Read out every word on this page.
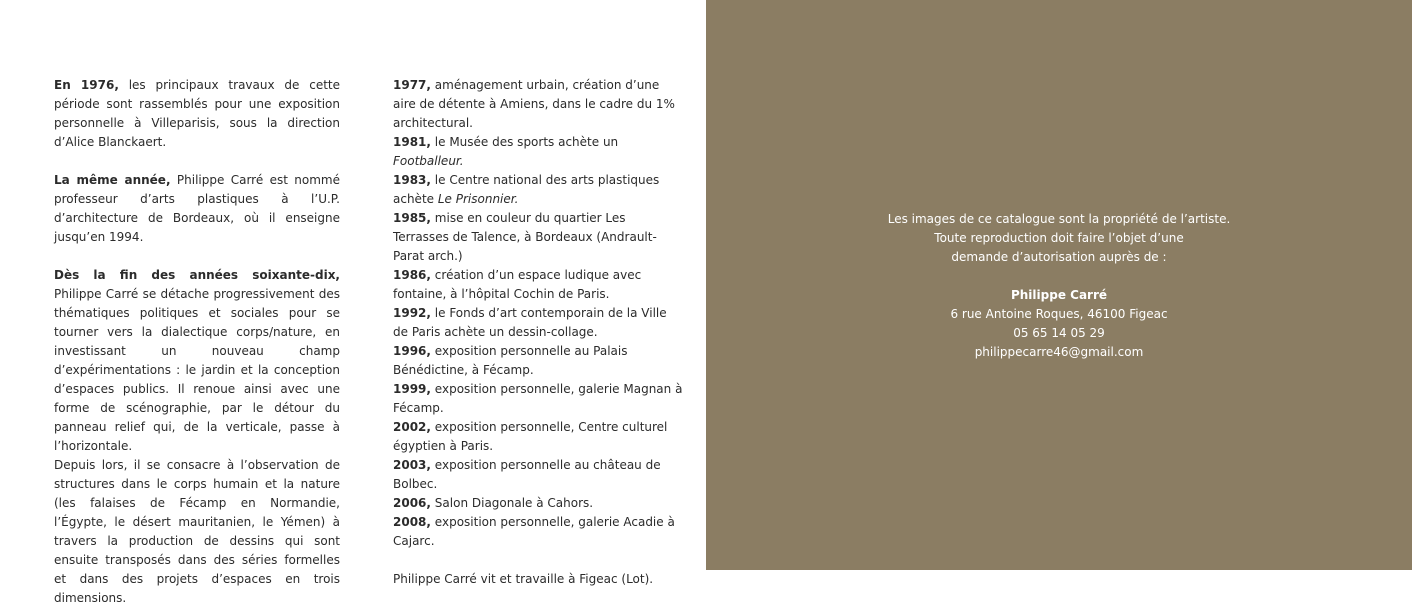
En 1976, les principaux travaux de cette période sont rassemblés pour une exposition personnelle à Villeparisis, sous la direction d’Alice Blanckaert.

La même année, Philippe Carré est nommé professeur d’arts plastiques à l’U.P. d’architecture de Bordeaux, où il enseigne jusqu’en 1994.

Dès la fin des années soixante-dix, Philippe Carré se détache progressivement des thématiques politiques et sociales pour se tourner vers la dialectique corps/nature, en investissant un nouveau champ d’expérimentations : le jardin et la conception d’espaces publics. Il renoue ainsi avec une forme de scénographie, par le détour du panneau relief qui, de la verticale, passe à l’horizontale.

Depuis lors, il se consacre à l’observation de structures dans le corps humain et la nature (les falaises de Fécamp en Normandie, l’Égypte, le désert mauritanien, le Yémen) à travers la production de dessins qui sont ensuite transposés dans des séries formelles et dans des projets d’espaces en trois dimensions.

1977, aménagement urbain, création d’une aire de détente à Amiens, dans le cadre du 1% architectural.
1981, le Musée des sports achète un Footballeur.
1983, le Centre national des arts plastiques achète Le Prisonnier.
1985, mise en couleur du quartier Les Terrasses de Talence, à Bordeaux (Andrault-Parat arch.)
1986, création d’un espace ludique avec fontaine, à l’hôpital Cochin de Paris.
1992, le Fonds d’art contemporain de la Ville de Paris achète un dessin-collage.
1996, exposition personnelle au Palais Bénédictine, à Fécamp.
1999, exposition personnelle, galerie Magnan à Fécamp.
2002, exposition personnelle, Centre culturel égyptien à Paris.
2003, exposition personnelle au château de Bolbec.
2006, Salon Diagonale à Cahors.
2008, exposition personnelle, galerie Acadie à Cajarc.
Philippe Carré vit et travaille à Figeac (Lot).
Les images de ce catalogue sont la propriété de l’artiste.
Toute reproduction doit faire l’objet d’une
demande d’autorisation auprès de :
Philippe Carré
6 rue Antoine Roques, 46100 Figeac
05 65 14 05 29
philippecarre46@gmail.com
